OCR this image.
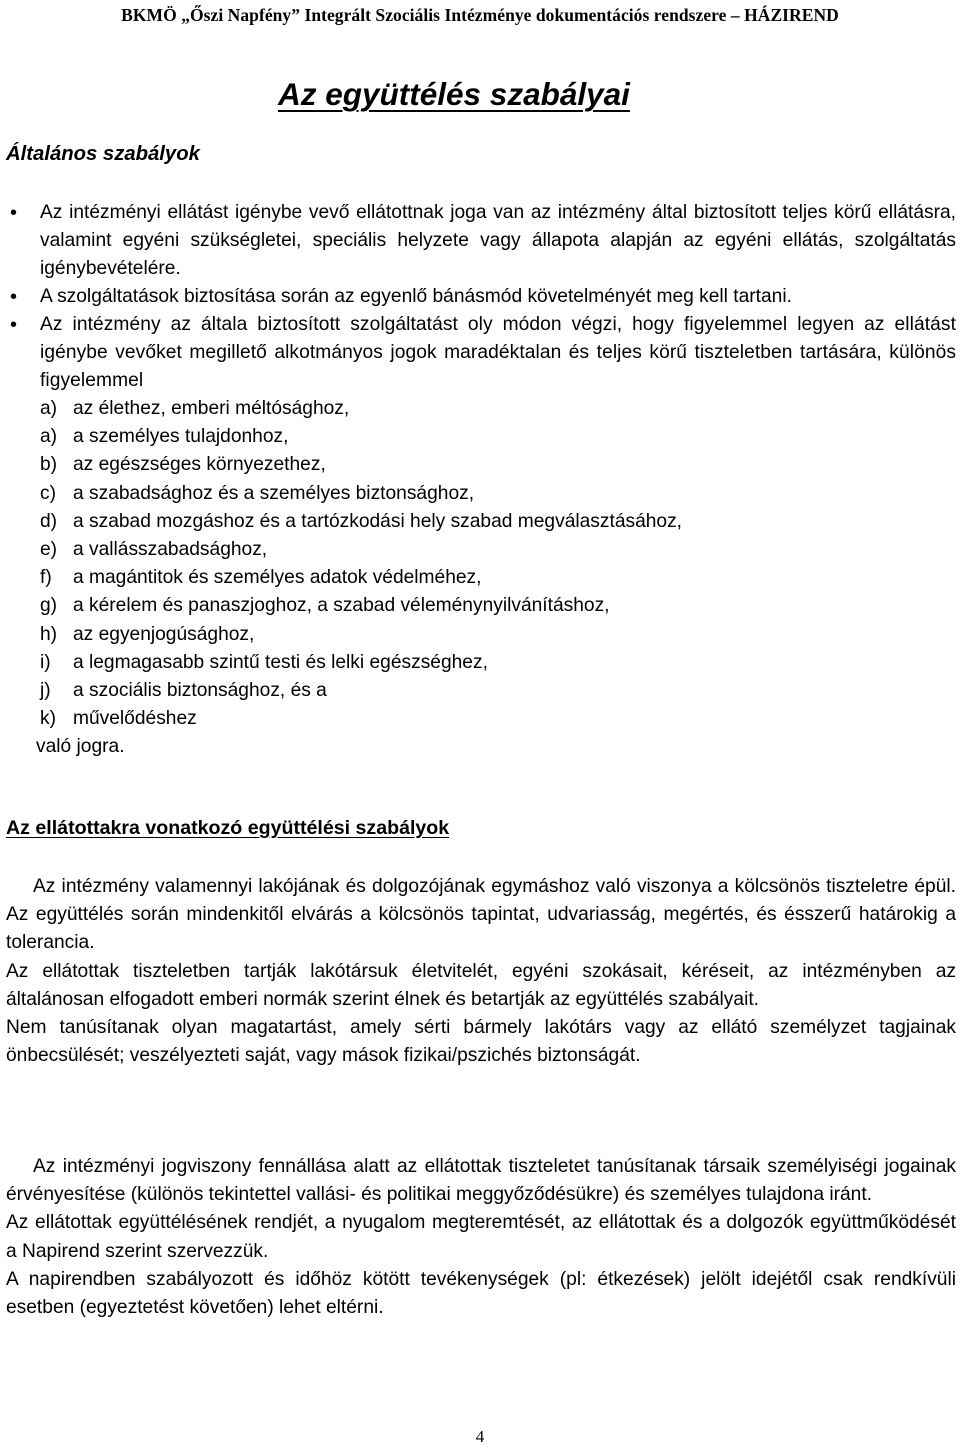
BKMÖ „Őszi Napfény” Integrált Szociális Intézménye dokumentációs rendszere – HÁZIREND
Az együttélés szabályai
Általános szabályok
• Az intézményi ellátást igénybe vevő ellátottnak joga van az intézmény által biztosított teljes körű ellátásra, valamint egyéni szükségletei, speciális helyzete vagy állapota alapján az egyéni ellátás, szolgáltatás igénybevételére.
• A szolgáltatások biztosítása során az egyenlő bánásmód követelményét meg kell tartani.
• Az intézmény az általa biztosított szolgáltatást oly módon végzi, hogy figyelemmel legyen az ellátást igénybe vevőket megillető alkotmányos jogok maradéktalan és teljes körű tiszteletben tartására, különös figyelemmel
a) az élethez, emberi méltósághoz,
a) a személyes tulajdonhoz,
b) az egészséges környezethez,
c) a szabadsághoz és a személyes biztonsághoz,
d) a szabad mozgáshoz és a tartózkodási hely szabad megválasztásához,
e) a vallásszabadsághoz,
f)	a magántitok és személyes adatok védelméhez,
g) a kérelem és panaszjoghoz, a szabad véleménynyilvánításhoz,
h) az egyenjogúsághoz,
i)	a legmagasabb szintű testi és lelki egészséghez,
j)	a szociális biztonsághoz, és a
k) művelődéshez
való jogra.
Az ellátottakra vonatkozó együttélési szabályok

Az intézmény valamennyi lakójának és dolgozójának egymáshoz való viszonya a kölcsönös tiszteletre épül. Az együttélés során mindenkitől elvárás a kölcsönös tapintat, udvariasság, megértés, és ésszerű határokig a tolerancia.

Az ellátottak tiszteletben tartják lakótársuk életvitelét, egyéni szokásait, kéréseit, az intézményben az általánosan elfogadott emberi normák szerint élnek és betartják az együttélés szabályait.

Nem tanúsítanak olyan magatartást, amely sérti bármely lakótárs vagy az ellátó személyzet tagjainak önbecsülését; veszélyezteti saját, vagy mások fizikai/pszichés biztonságát.

Az intézményi jogviszony fennállása alatt az ellátottak tiszteletet tanúsítanak társaik személyiségi jogainak érvényesítése (különös tekintettel vallási- és politikai meggyőződésükre) és személyes tulajdona iránt.

Az ellátottak együttélésének rendjét, a nyugalom megteremtését, az ellátottak és a dolgozók együttműködését a Napirend szerint szervezzük.

A napirendben szabályozott és időhöz kötött tevékenységek (pl: étkezések) jelölt idejétől csak rendkívüli esetben (egyeztetést követően) lehet eltérni.

4
